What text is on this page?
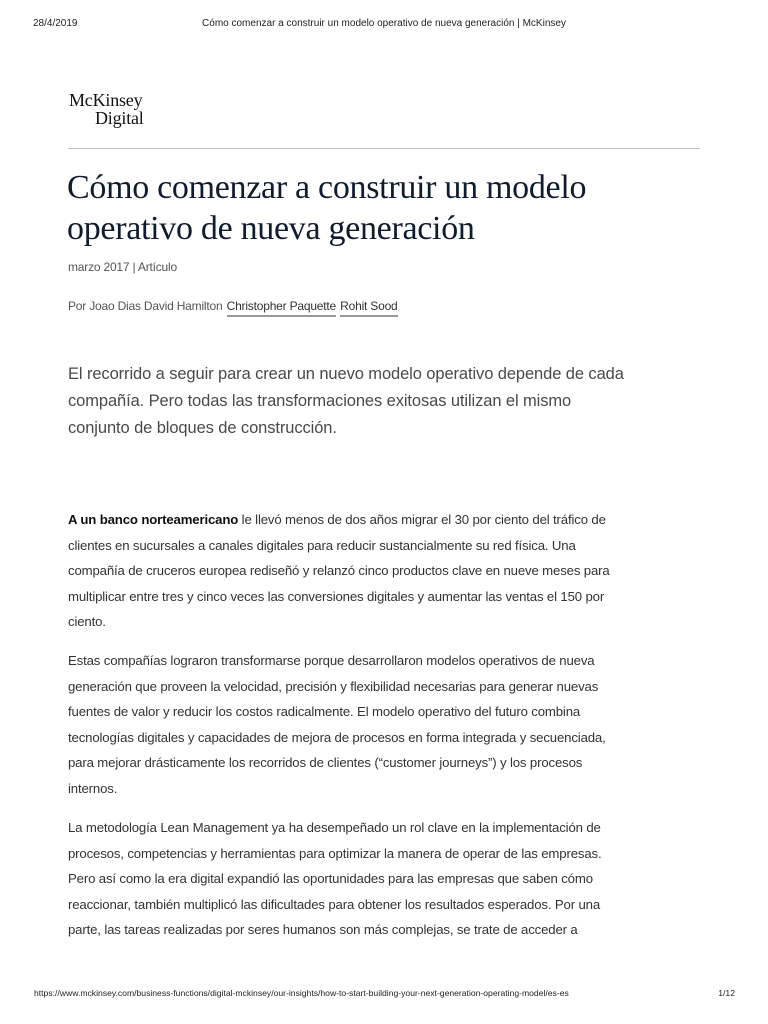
28/4/2019	Cómo comenzar a construir un modelo operativo de nueva generación | McKinsey
McKinsey
Digital
Cómo comenzar a construir un modelo operativo de nueva generación
marzo 2017 | Artículo
Por Joao Dias David Hamilton Christopher Paquette Rohit Sood

El recorrido a seguir para crear un nuevo modelo operativo depende de cada compañía. Pero todas las transformaciones exitosas utilizan el mismo conjunto de bloques de construcción.

A un banco norteamericano le llevó menos de dos años migrar el 30 por ciento del tráfico de clientes en sucursales a canales digitales para reducir sustancialmente su red física. Una compañía de cruceros europea rediseñó y relanzó cinco productos clave en nueve meses para multiplicar entre tres y cinco veces las conversiones digitales y aumentar las ventas el 150 por ciento.

Estas compañías lograron transformarse porque desarrollaron modelos operativos de nueva generación que proveen la velocidad, precisión y flexibilidad necesarias para generar nuevas fuentes de valor y reducir los costos radicalmente. El modelo operativo del futuro combina tecnologías digitales y capacidades de mejora de procesos en forma integrada y secuenciada, para mejorar drásticamente los recorridos de clientes (“customer journeys”) y los procesos internos.

La metodología Lean Management ya ha desempeñado un rol clave en la implementación de procesos, competencias y herramientas para optimizar la manera de operar de las empresas. Pero así como la era digital expandió las oportunidades para las empresas que saben cómo reaccionar, también multiplicó las dificultades para obtener los resultados esperados. Por una parte, las tareas realizadas por seres humanos son más complejas, se trate de acceder a

https://www.mckinsey.com/business-functions/digital-mckinsey/our-insights/how-to-start-building-your-next-generation-operating-model/es-es	1/12
